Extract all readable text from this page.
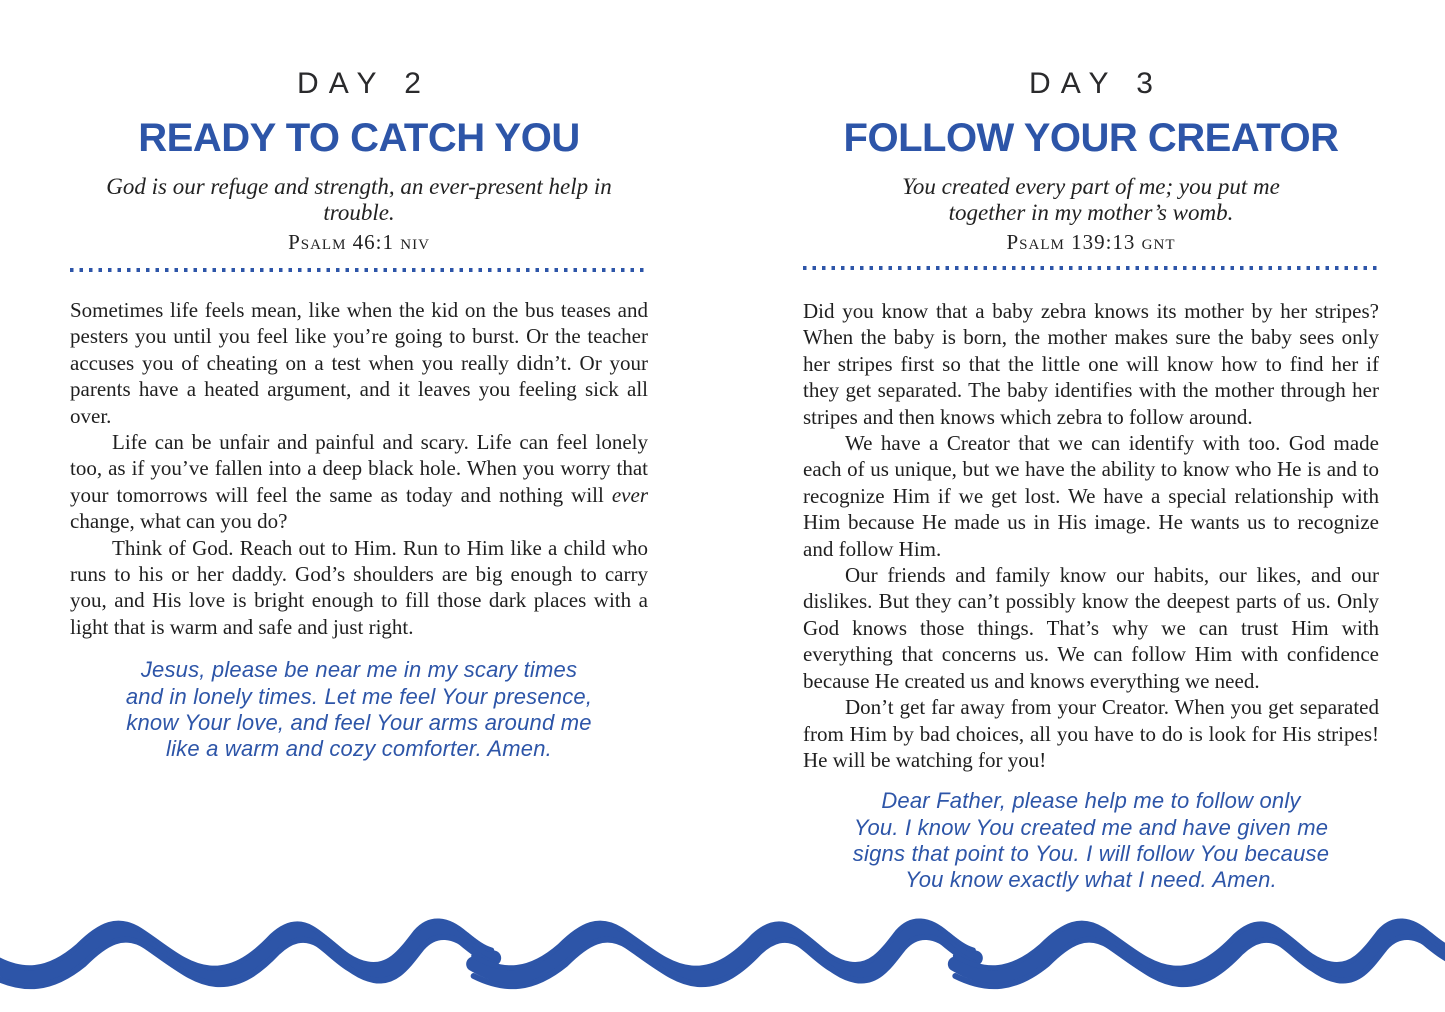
DAY 2
READY TO CATCH YOU
God is our refuge and strength, an ever-present help in trouble.
Psalm 46:1 niv

Sometimes life feels mean, like when the kid on the bus teases and pesters you until you feel like you’re going to burst. Or the teacher accuses you of cheating on a test when you really didn’t. Or your parents have a heated argument, and it leaves you feeling sick all over.

Life can be unfair and painful and scary. Life can feel lonely too, as if you’ve fallen into a deep black hole. When you worry that your tomorrows will feel the same as today and nothing will ever change, what can you do?

Think of God. Reach out to Him. Run to Him like a child who runs to his or her daddy. God’s shoulders are big enough to carry you, and His love is bright enough to fill those dark places with a light that is warm and safe and just right.

Jesus, please be near me in my scary times
and in lonely times. Let me feel Your presence,
know Your love, and feel Your arms around me
like a warm and cozy comforter. Amen.
DAY 3
FOLLOW YOUR CREATOR
You created every part of me; you put me
together in my mother’s womb.
Psalm 139:13 gnt

Did you know that a baby zebra knows its mother by her stripes? When the baby is born, the mother makes sure the baby sees only her stripes first so that the little one will know how to find her if they get separated. The baby identifies with the mother through her stripes and then knows which zebra to follow around.

We have a Creator that we can identify with too. God made each of us unique, but we have the ability to know who He is and to recognize Him if we get lost. We have a special relationship with Him because He made us in His image. He wants us to recognize and follow Him.

Our friends and family know our habits, our likes, and our dislikes. But they can’t possibly know the deepest parts of us. Only God knows those things. That’s why we can trust Him with everything that concerns us. We can follow Him with confidence because He created us and knows everything we need.

Don’t get far away from your Creator. When you get separated from Him by bad choices, all you have to do is look for His stripes! He will be watching for you!

Dear Father, please help me to follow only
You. I know You created me and have given me
signs that point to You. I will follow You because
You know exactly what I need. Amen.
